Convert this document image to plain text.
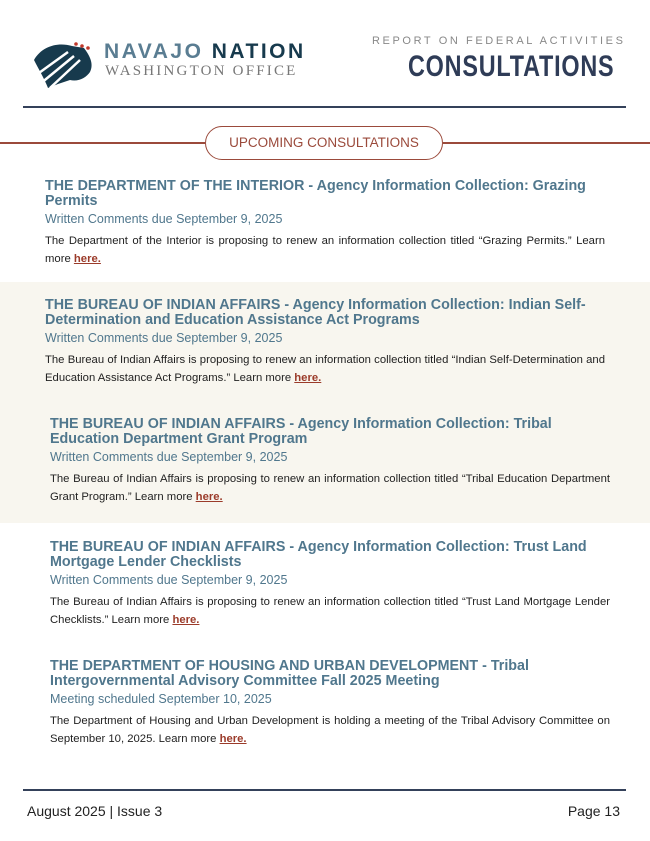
NAVAJO NATION
WASHINGTON OFFICE
REPORT ON FEDERAL ACTIVITIES
CONSULTATIONS
UPCOMING CONSULTATIONS
THE DEPARTMENT OF THE INTERIOR - Agency Information Collection: Grazing Permits
Written Comments due September 9, 2025

The Department of the Interior is proposing to renew an information collection titled “Grazing Permits.” Learn more here.

THE BUREAU OF INDIAN AFFAIRS - Agency Information Collection: Indian Self-Determination and Education Assistance Act Programs
Written Comments due September 9, 2025

The Bureau of Indian Affairs is proposing to renew an information collection titled “Indian Self-Determination and Education Assistance Act Programs.” Learn more here.

THE BUREAU OF INDIAN AFFAIRS - Agency Information Collection: Tribal Education Department Grant Program
Written Comments due September 9, 2025

The Bureau of Indian Affairs is proposing to renew an information collection titled “Tribal Education Department Grant Program.” Learn more here.

THE BUREAU OF INDIAN AFFAIRS - Agency Information Collection: Trust Land Mortgage Lender Checklists
Written Comments due September 9, 2025

The Bureau of Indian Affairs is proposing to renew an information collection titled “Trust Land Mortgage Lender Checklists.” Learn more here.

THE DEPARTMENT OF HOUSING AND URBAN DEVELOPMENT - Tribal Intergovernmental Advisory Committee Fall 2025 Meeting
Meeting scheduled September 10, 2025

The Department of Housing and Urban Development is holding a meeting of the Tribal Advisory Committee on September 10, 2025. Learn more here.

August 2025 | Issue 3	Page 13
